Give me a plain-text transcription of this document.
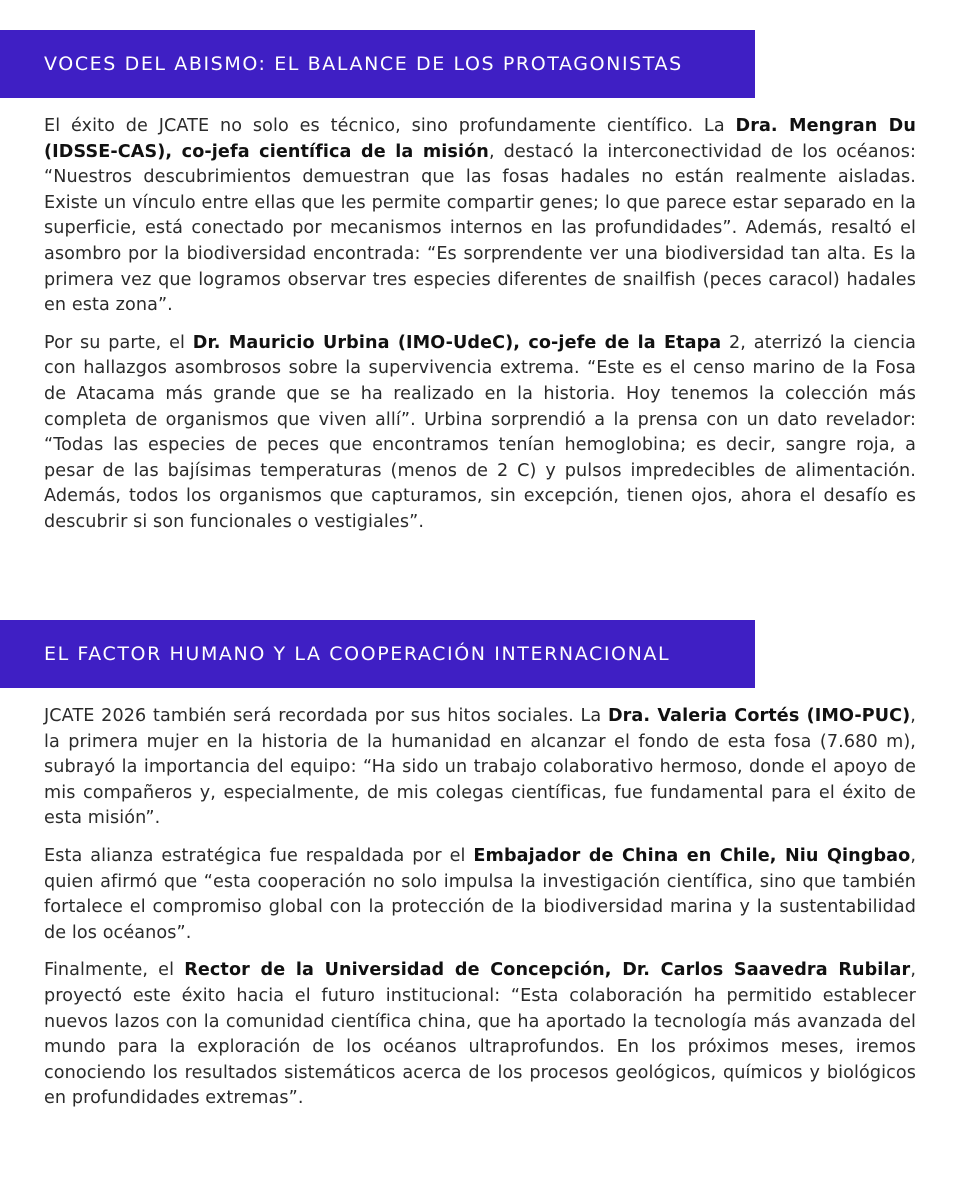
VOCES DEL ABISMO: EL BALANCE DE LOS PROTAGONISTAS

El éxito de JCATE no solo es técnico, sino profundamente científico. La Dra. Mengran Du (IDSSE-CAS), co-jefa científica de la misión, destacó la interconectividad de los océanos: “Nuestros descubrimientos demuestran que las fosas hadales no están realmente aisladas. Existe un vínculo entre ellas que les permite compartir genes; lo que parece estar separado en la superficie, está conectado por mecanismos internos en las profundidades”. Además, resaltó el asombro por la biodiversidad encontrada: “Es sorprendente ver una biodiversidad tan alta. Es la primera vez que logramos observar tres especies diferentes de snailfish (peces caracol) hadales en esta zona”.

Por su parte, el Dr. Mauricio Urbina (IMO-UdeC), co-jefe de la Etapa 2, aterrizó la ciencia con hallazgos asombrosos sobre la supervivencia extrema. “Este es el censo marino de la Fosa de Atacama más grande que se ha realizado en la historia. Hoy tenemos la colección más completa de organismos que viven allí”. Urbina sorprendió a la prensa con un dato revelador: “Todas las especies de peces que encontramos tenían hemoglobina; es decir, sangre roja, a pesar de las bajísimas temperaturas (menos de 2 C) y pulsos impredecibles de alimentación. Además, todos los organismos que capturamos, sin excepción, tienen ojos, ahora el desafío es descubrir si son funcionales o vestigiales”.

EL FACTOR HUMANO Y LA COOPERACIÓN INTERNACIONAL

JCATE 2026 también será recordada por sus hitos sociales. La Dra. Valeria Cortés (IMO-PUC), la primera mujer en la historia de la humanidad en alcanzar el fondo de esta fosa (7.680 m), subrayó la importancia del equipo: “Ha sido un trabajo colaborativo hermoso, donde el apoyo de mis compañeros y, especialmente, de mis colegas científicas, fue fundamental para el éxito de esta misión”.

Esta alianza estratégica fue respaldada por el Embajador de China en Chile, Niu Qingbao, quien afirmó que “esta cooperación no solo impulsa la investigación científica, sino que también fortalece el compromiso global con la protección de la biodiversidad marina y la sustentabilidad de los océanos”.

Finalmente, el Rector de la Universidad de Concepción, Dr. Carlos Saavedra Rubilar, proyectó este éxito hacia el futuro institucional: “Esta colaboración ha permitido establecer nuevos lazos con la comunidad científica china, que ha aportado la tecnología más avanzada del mundo para la exploración de los océanos ultraprofundos. En los próximos meses, iremos conociendo los resultados sistemáticos acerca de los procesos geológicos, químicos y biológicos en profundidades extremas”.
